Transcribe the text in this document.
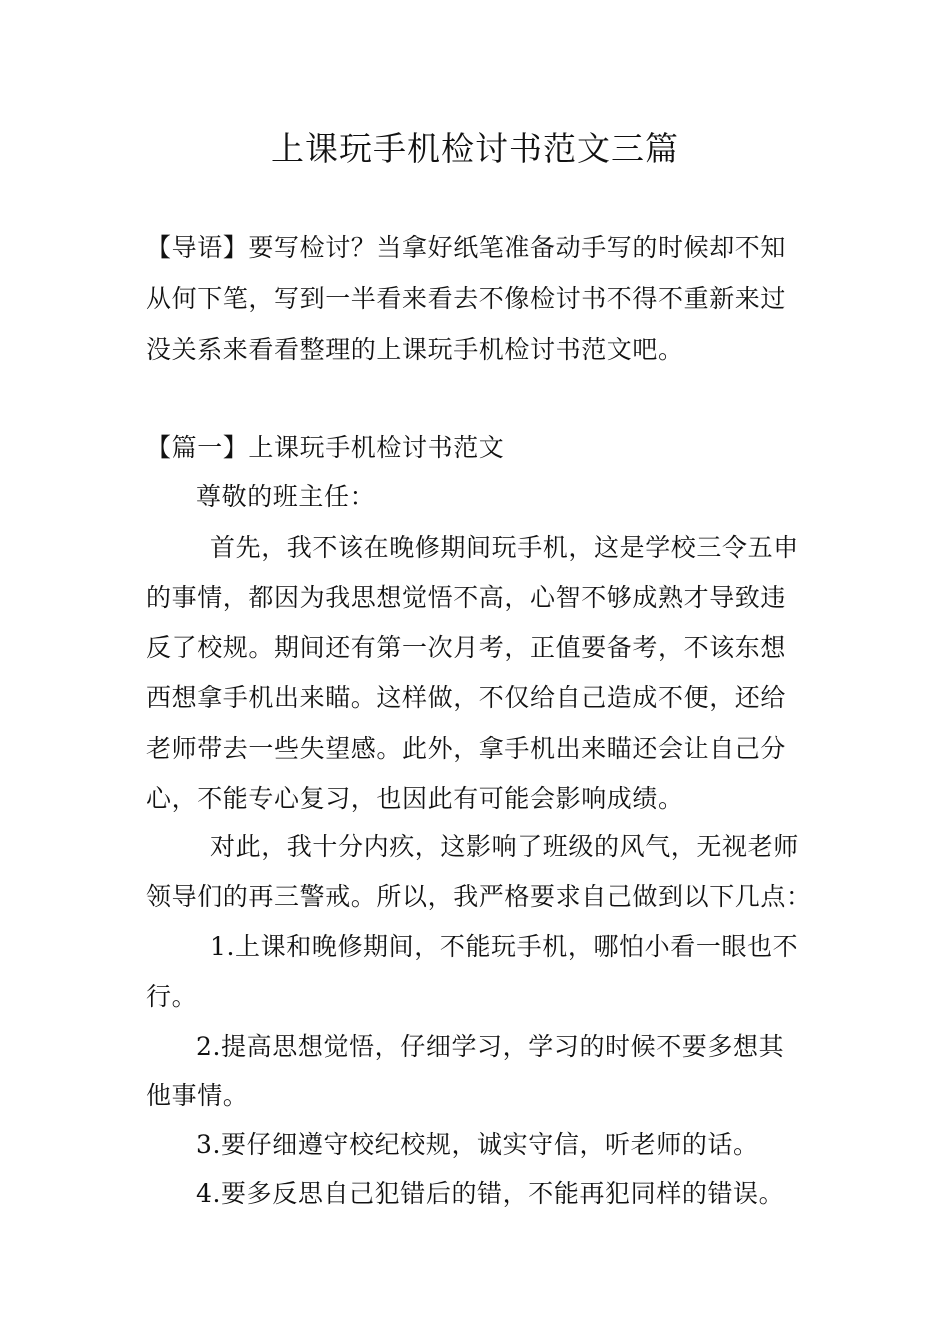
上课玩手机检讨书范文三篇
【导语】要写检讨？当拿好纸笔准备动手写的时候却不知
从何下笔，写到一半看来看去不像检讨书不得不重新来过
没关系来看看整理的上课玩手机检讨书范文吧。
【篇一】上课玩手机检讨书范文
尊敬的班主任：
首先，我不该在晚修期间玩手机，这是学校三令五申
的事情，都因为我思想觉悟不高，心智不够成熟才导致违
反了校规。期间还有第一次月考，正值要备考，不该东想
西想拿手机出来瞄。这样做，不仅给自己造成不便，还给
老师带去一些失望感。此外，拿手机出来瞄还会让自己分
心，不能专心复习，也因此有可能会影响成绩。
对此，我十分内疚，这影响了班级的风气，无视老师
领导们的再三警戒。所以，我严格要求自己做到以下几点：
1.上课和晚修期间，不能玩手机，哪怕小看一眼也不
行。
2.提高思想觉悟，仔细学习，学习的时候不要多想其
他事情。
3.要仔细遵守校纪校规，诚实守信，听老师的话。
4.要多反思自己犯错后的错，不能再犯同样的错误。
